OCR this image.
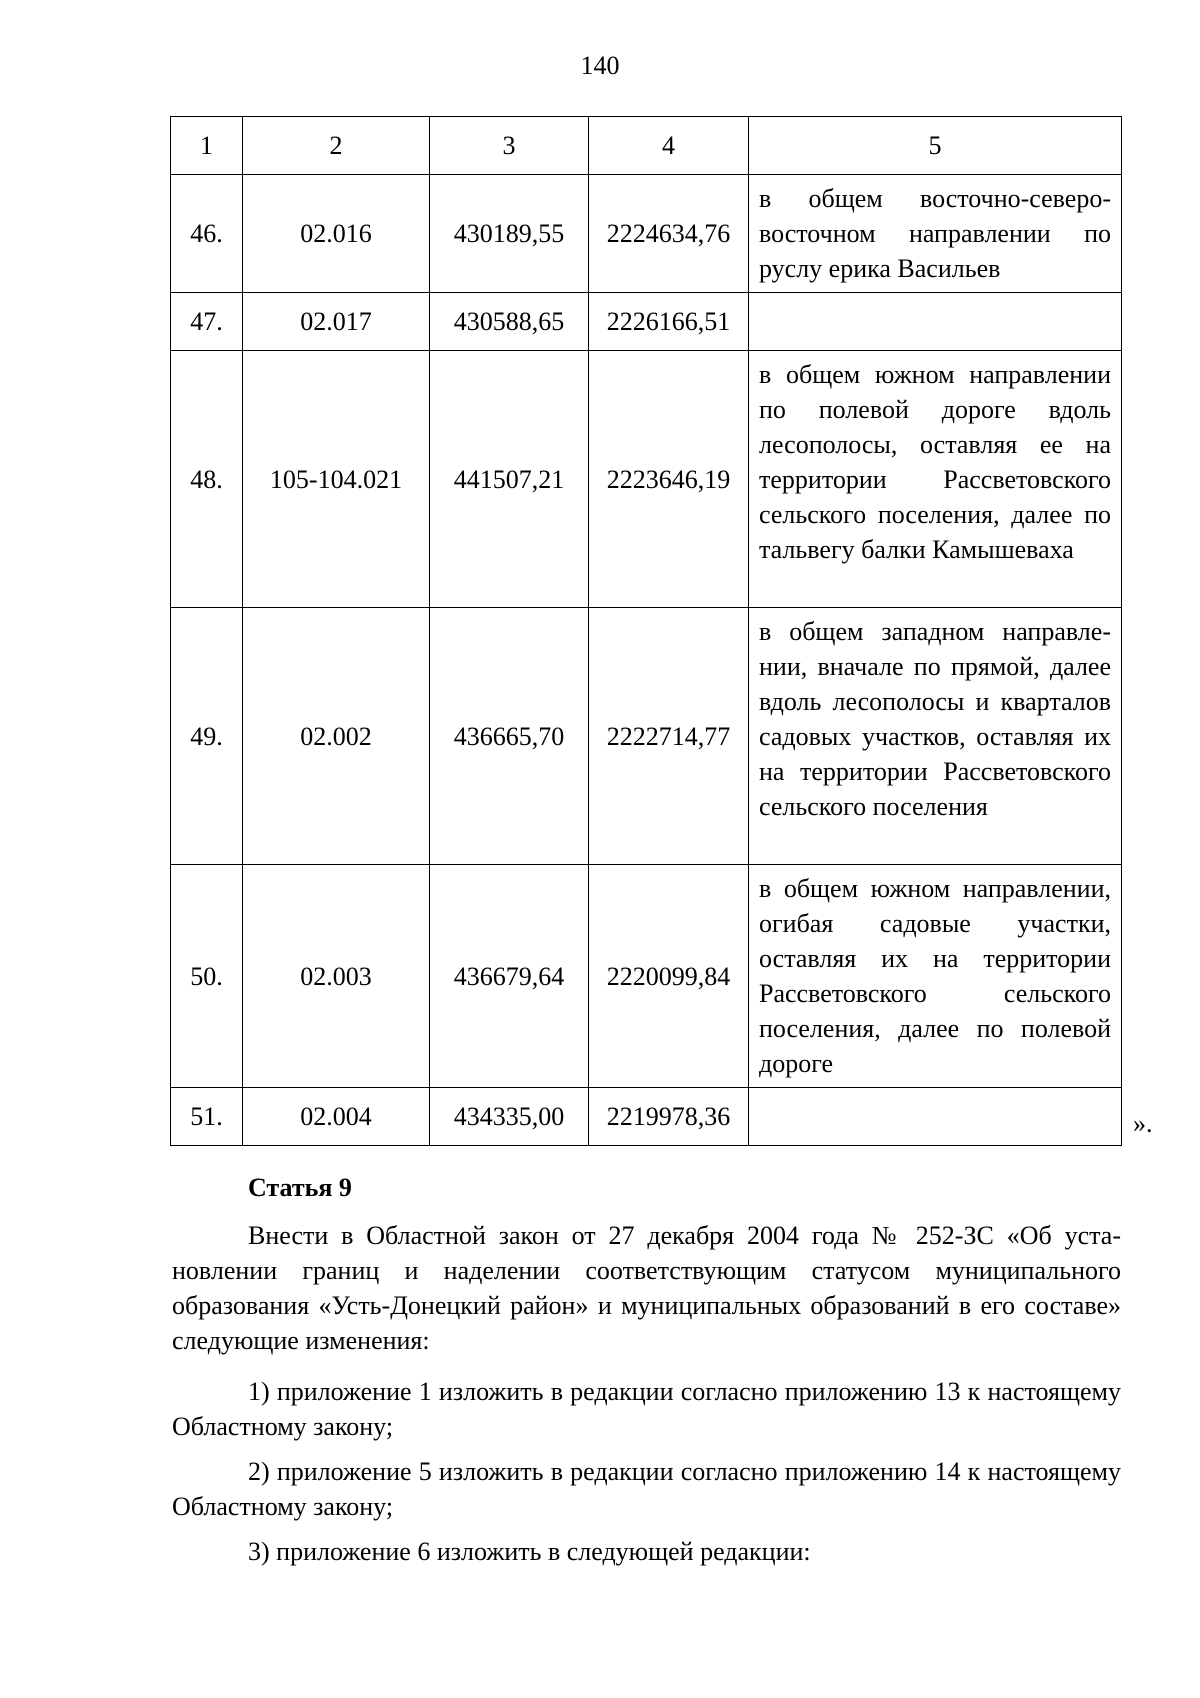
140
1	2	3	4	5
46.	02.016	430189,55	2224634,76	в общем восточно-северо-восточном направлении по руслу ерика Васильев
47.	02.017	430588,65	2226166,51	
48.	105-104.021	441507,21	2223646,19	в общем южном направлении по полевой дороге вдоль лесополосы, оставляя ее на территории Рассветовского сельского поселения, далее по тальвегу балки Камышеваха
49.	02.002	436665,70	2222714,77	в общем западном направлении, вначале по прямой, далее вдоль лесополосы и кварталов садовых участков, оставляя их на территории Рассветовского сельского поселения
50.	02.003	436679,64	2220099,84	в общем южном направлении, огибая садовые участки, оставляя их на территории Рассветовского сельского поселения, далее по полевой дороге
51.	02.004	434335,00	2219978,36		».
Статья 9

Внести в Областной закон от 27 декабря 2004 года № 252-ЗС «Об установлении границ и наделении соответствующим статусом муниципального образования «Усть-Донецкий район» и муниципальных образований в его составе» следующие изменения:

1) приложение 1 изложить в редакции согласно приложению 13 к настоящему Областному закону;

2) приложение 5 изложить в редакции согласно приложению 14 к настоящему Областному закону;

3) приложение 6 изложить в следующей редакции:
